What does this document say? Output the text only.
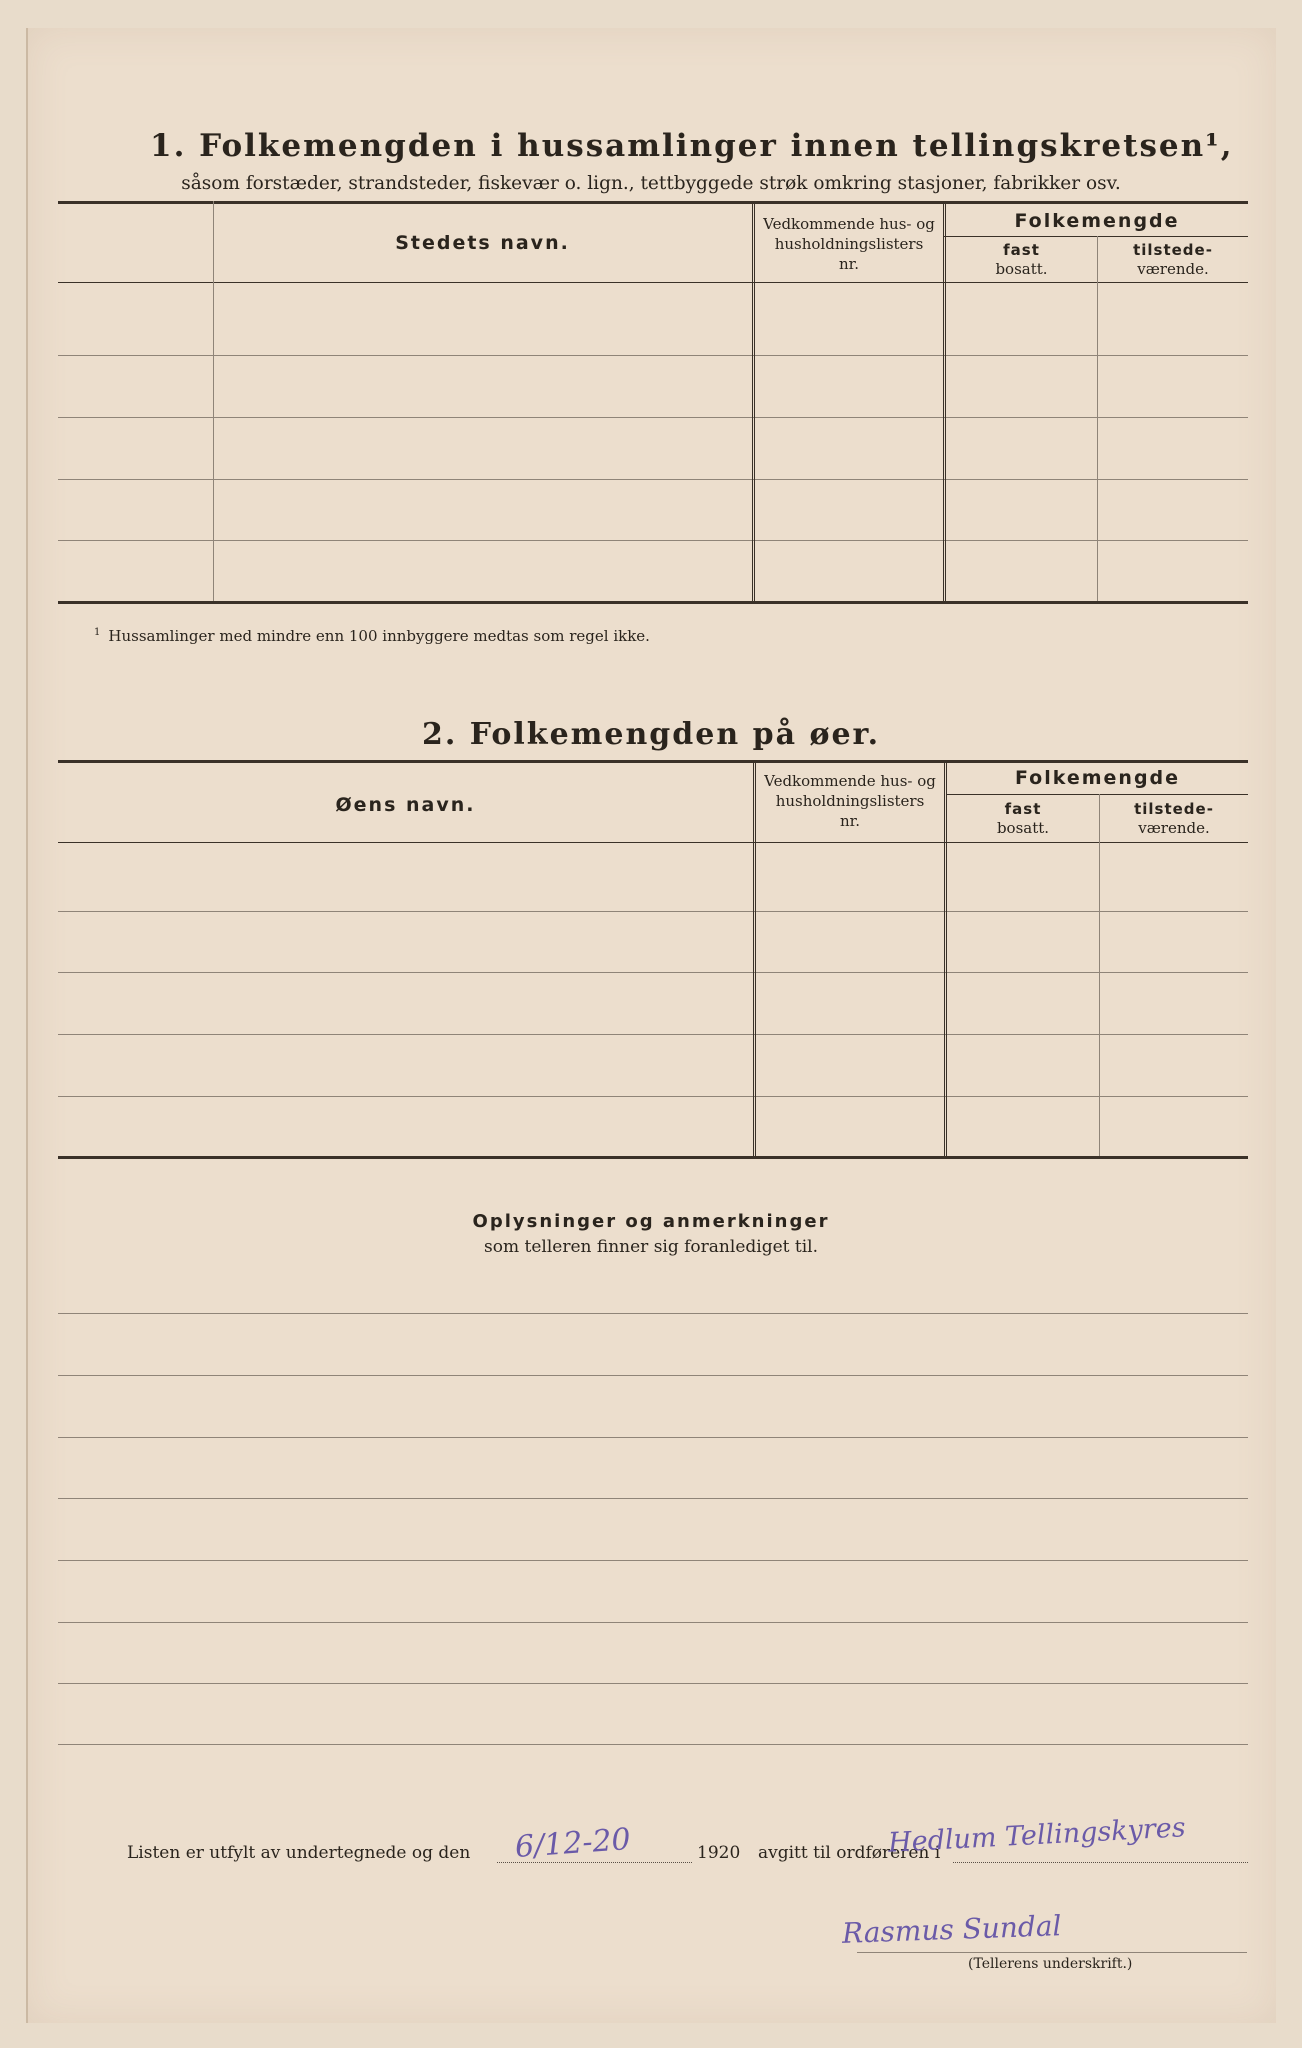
1. Folkemengden i hussamlinger innen tellingskretsen¹,
såsom forstæder, strandsteder, fiskevær o. lign., tettbyggede strøk omkring stasjoner, fabrikker osv.
Stedets navn.
Vedkommende hus- og
husholdningslisters
nr.
Folkemengde
fast
bosatt.
tilstede-
værende.
$^1$ Hussamlinger med mindre enn 100 innbyggere medtas som regel ikke.
2. Folkemengden på øer.
Øens navn.
Vedkommende hus- og
husholdningslisters
nr.
Folkemengde
fast
bosatt.
tilstede-
værende.
Oplysninger og anmerkninger
som telleren finner sig foranlediget til.
Listen er utfylt av undertegnede og den 6/12-20	1920 avgitt til ordføreren i
Hedlum Tellingskyres
Rasmus Sundal
(Tellerens underskrift.)
